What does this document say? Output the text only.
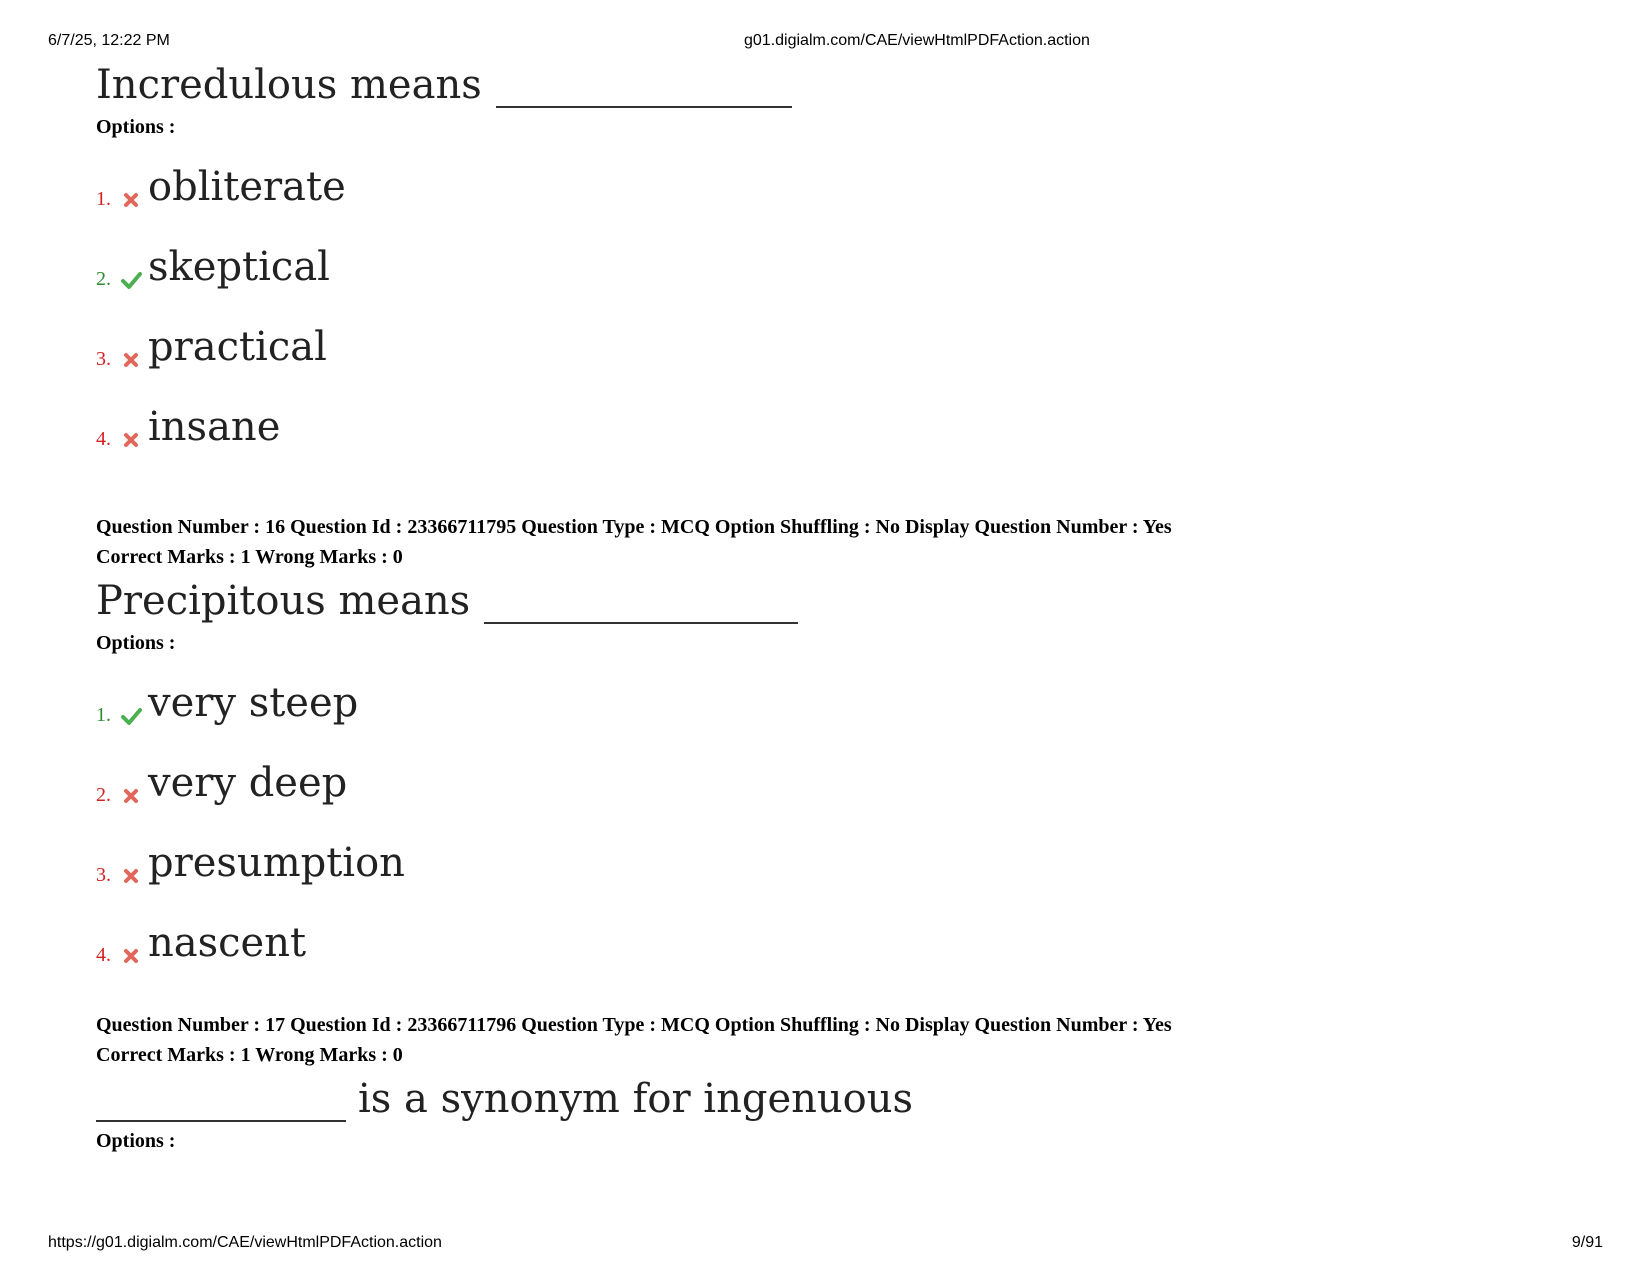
6/7/25, 12:22 PM	g01.digialm.com/CAE/viewHtmlPDFAction.action
Incredulous means
Options :
1. obliterate
2. skeptical
3. practical
4. insane
Question Number : 16 Question Id : 23366711795 Question Type : MCQ Option Shuffling : No Display Question Number : Yes
Correct Marks : 1 Wrong Marks : 0
Precipitous means
Options :
1. very steep
2. very deep
3. presumption
4. nascent
Question Number : 17 Question Id : 23366711796 Question Type : MCQ Option Shuffling : No Display Question Number : Yes
Correct Marks : 1 Wrong Marks : 0
is a synonym for ingenuous
Options :
https://g01.digialm.com/CAE/viewHtmlPDFAction.action	9/91
